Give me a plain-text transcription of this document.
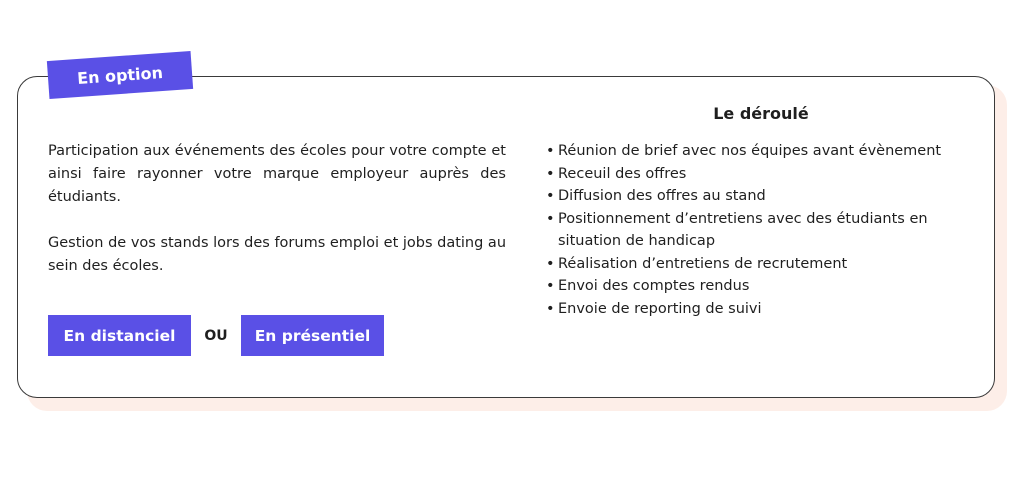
En option

Participation aux événements des écoles pour votre compte et ainsi faire rayonner votre marque employeur auprès des étudiants.

Gestion de vos stands lors des forums emploi et jobs dating au sein des écoles.

En distanciel	OU	En présentiel
Le déroulé
• Réunion de brief avec nos équipes avant évènement
• Receuil des offres
• Diffusion des offres au stand
• Positionnement d’entretiens avec des étudiants en situation de handicap
• Réalisation d’entretiens de recrutement
• Envoi des comptes rendus
• Envoie de reporting de suivi
